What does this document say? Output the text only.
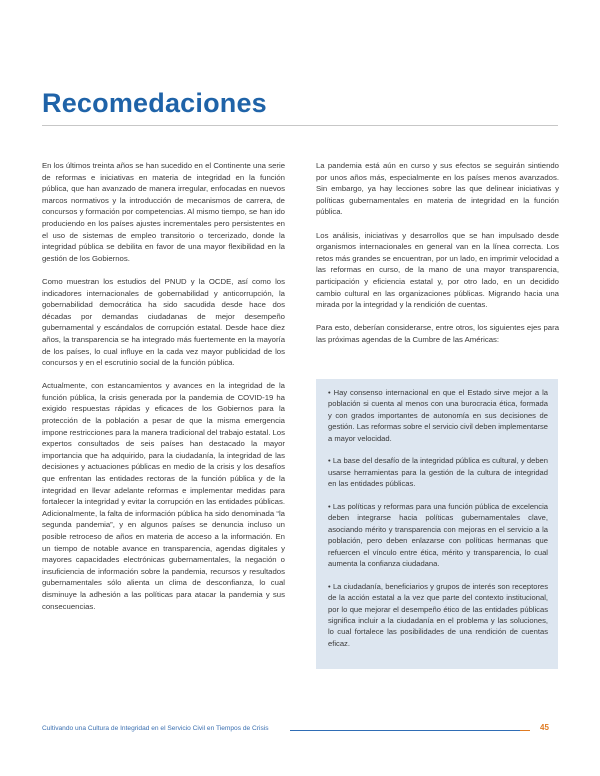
Recomedaciones

En los últimos treinta años se han sucedido en el Continente una serie de reformas e iniciativas en materia de integridad en la función pública, que han avanzado de manera irregular, enfocadas en nuevos marcos normativos y la introducción de mecanismos de carrera, de concursos y formación por competencias. Al mismo tiempo, se han ido produciendo en los países ajustes incrementales pero persistentes en el uso de sistemas de empleo transitorio o tercerizado, donde la integridad pública se debilita en favor de una mayor flexibilidad en la gestión de los Gobiernos.

Como muestran los estudios del PNUD y la OCDE, así como los indicadores internacionales de gobernabilidad y anticorrupción, la gobernabilidad democrática ha sido sacudida desde hace dos décadas por demandas ciudadanas de mejor desempeño gubernamental y escándalos de corrupción estatal. Desde hace diez años, la transparencia se ha integrado más fuertemente en la mayoría de los países, lo cual influye en la cada vez mayor publicidad de los concursos y en el escrutinio social de la función pública.

Actualmente, con estancamientos y avances en la integridad de la función pública, la crisis generada por la pandemia de COVID-19 ha exigido respuestas rápidas y eficaces de los Gobiernos para la protección de la población a pesar de que la misma emergencia impone restricciones para la manera tradicional del trabajo estatal. Los expertos consultados de seis países han destacado la mayor importancia que ha adquirido, para la ciudadanía, la integridad de las decisiones y actuaciones públicas en medio de la crisis y los desafíos que enfrentan las entidades rectoras de la función pública y de la integridad en llevar adelante reformas e implementar medidas para fortalecer la integridad y evitar la corrupción en las entidades públicas. Adicionalmente, la falta de información pública ha sido denominada “la segunda pandemia”, y en algunos países se denuncia incluso un posible retroceso de años en materia de acceso a la información. En un tiempo de notable avance en transparencia, agendas digitales y mayores capacidades electrónicas gubernamentales, la negación o insuficiencia de información sobre la pandemia, recursos y resultados gubernamentales sólo alienta un clima de desconfianza, lo cual disminuye la adhesión a las políticas para atacar la pandemia y sus consecuencias.

La pandemia está aún en curso y sus efectos se seguirán sintiendo por unos años más, especialmente en los países menos avanzados. Sin embargo, ya hay lecciones sobre las que delinear iniciativas y políticas gubernamentales en materia de integridad en la función pública.

Los análisis, iniciativas y desarrollos que se han impulsado desde organismos internacionales en general van en la línea correcta. Los retos más grandes se encuentran, por un lado, en imprimir velocidad a las reformas en curso, de la mano de una mayor transparencia, participación y eficiencia estatal y, por otro lado, en un decidido cambio cultural en las organizaciones públicas. Migrando hacia una mirada por la integridad y la rendición de cuentas.

Para esto, deberían considerarse, entre otros, los siguientes ejes para las próximas agendas de la Cumbre de las Américas:

• Hay consenso internacional en que el Estado sirve mejor a la población si cuenta al menos con una burocracia ética, formada y con grados importantes de autonomía en sus decisiones de gestión. Las reformas sobre el servicio civil deben implementarse a mayor velocidad.

• La base del desafío de la integridad pública es cultural, y deben usarse herramientas para la gestión de la cultura de integridad en las entidades públicas.

• Las políticas y reformas para una función pública de excelencia deben integrarse hacia políticas gubernamentales clave, asociando mérito y transparencia con mejoras en el servicio a la población, pero deben enlazarse con políticas hermanas que refuercen el vínculo entre ética, mérito y transparencia, lo cual aumenta la confianza ciudadana.

• La ciudadanía, beneficiarios y grupos de interés son receptores de la acción estatal a la vez que parte del contexto institucional, por lo que mejorar el desempeño ético de las entidades públicas significa incluir a la ciudadanía en el problema y las soluciones, lo cual fortalece las posibilidades de una rendición de cuentas eficaz.

Cultivando una Cultura de Integridad en el Servicio Civil en Tiempos de Crisis	45
